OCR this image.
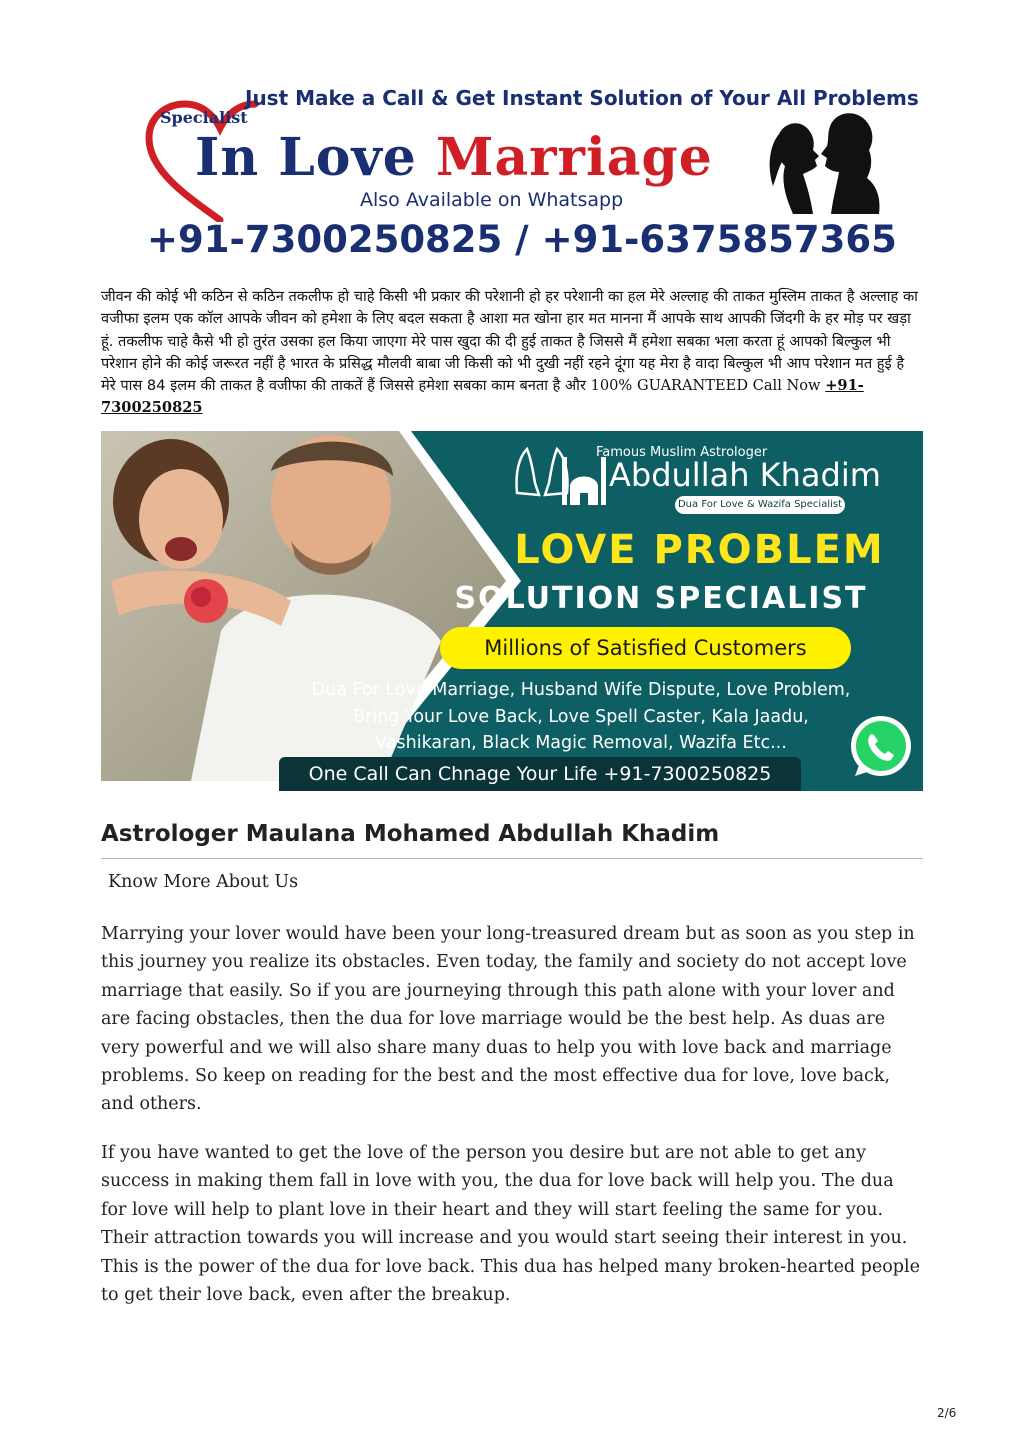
Specialist
Just Make a Call & Get Instant Solution of Your All Problems
In Love Marriage
Also Available on Whatsapp
+91-7300250825 / +91-6375857365

जीवन की कोई भी कठिन से कठिन तकलीफ हो चाहे किसी भी प्रकार की परेशानी हो हर परेशानी का हल मेरे अल्लाह की ताकत मुस्लिम ताकत है अल्लाह का वजीफा इलम एक कॉल आपके जीवन को हमेशा के लिए बदल सकता है आशा मत खोना हार मत मानना मैं आपके साथ आपकी जिंदगी के हर मोड़ पर खड़ा हूं. तकलीफ चाहे कैसे भी हो तुरंत उसका हल किया जाएगा मेरे पास खुदा की दी हुई ताकत है जिससे मैं हमेशा सबका भला करता हूं आपको बिल्कुल भी परेशान होने की कोई जरूरत नहीं है भारत के प्रसिद्ध मौलवी बाबा जी किसी को भी दुखी नहीं रहने दूंगा यह मेरा है वादा बिल्कुल भी आप परेशान मत हुई है मेरे पास 84 इलम की ताकत है वजीफा की ताकतें हैं जिससे हमेशा सबका काम बनता है और 100% GUARANTEED Call Now +91-7300250825

Famous Muslim Astrologer
Abdullah Khadim
Dua For Love & Wazifa Specialist
LOVE PROBLEM
SOLUTION SPECIALIST
Millions of Satisfied Customers
Dua For Love Marriage, Husband Wife Dispute, Love Problem, Bring Your Love Back, Love Spell Caster, Kala Jaadu, Vashikaran, Black Magic Removal, Wazifa Etc...
One Call Can Chnage Your Life +91-7300250825
Astrologer Maulana Mohamed Abdullah Khadim
Know More About Us

Marrying your lover would have been your long-treasured dream but as soon as you step in this journey you realize its obstacles. Even today, the family and society do not accept love marriage that easily. So if you are journeying through this path alone with your lover and are facing obstacles, then the dua for love marriage would be the best help. As duas are very powerful and we will also share many duas to help you with love back and marriage problems. So keep on reading for the best and the most effective dua for love, love back, and others.

If you have wanted to get the love of the person you desire but are not able to get any success in making them fall in love with you, the dua for love back will help you. The dua for love will help to plant love in their heart and they will start feeling the same for you. Their attraction towards you will increase and you would start seeing their interest in you. This is the power of the dua for love back. This dua has helped many broken-hearted people to get their love back, even after the breakup.

2/6
